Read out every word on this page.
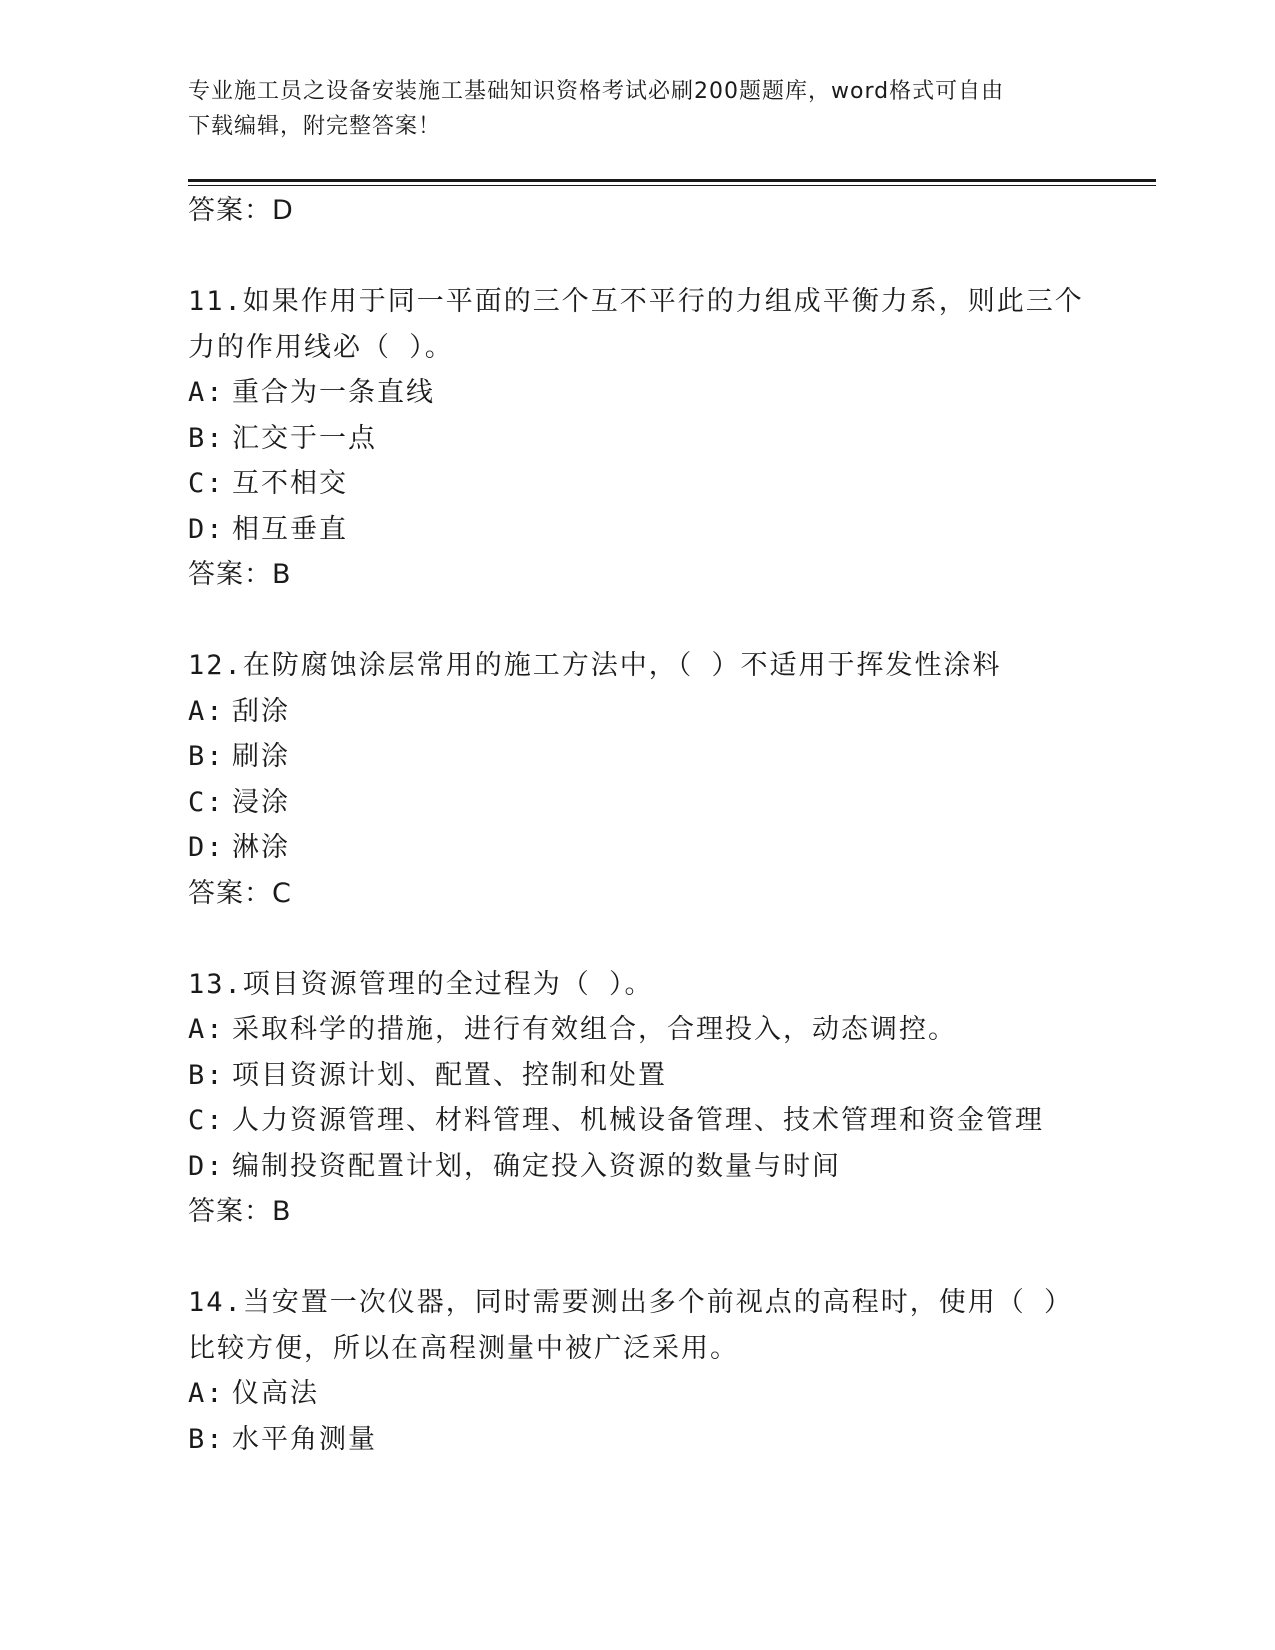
专业施工员之设备安装施工基础知识资格考试必刷200题题库，word格式可自由
下载编辑，附完整答案！
答案：D
11.如果作用于同一平面的三个互不平行的力组成平衡力系，则此三个
力的作用线必（ ）。
A: 重合为一条直线
B: 汇交于一点
C: 互不相交
D: 相互垂直
答案：B
12.在防腐蚀涂层常用的施工方法中，（ ）不适用于挥发性涂料
A: 刮涂
B: 刷涂
C: 浸涂
D: 淋涂
答案：C
13.项目资源管理的全过程为（ ）。
A: 采取科学的措施，进行有效组合，合理投入，动态调控。
B: 项目资源计划、配置、控制和处置
C: 人力资源管理、材料管理、机械设备管理、技术管理和资金管理
D: 编制投资配置计划，确定投入资源的数量与时间
答案：B
14.当安置一次仪器，同时需要测出多个前视点的高程时，使用（ ）
比较方便，所以在高程测量中被广泛采用。
A: 仪高法
B: 水平角测量
